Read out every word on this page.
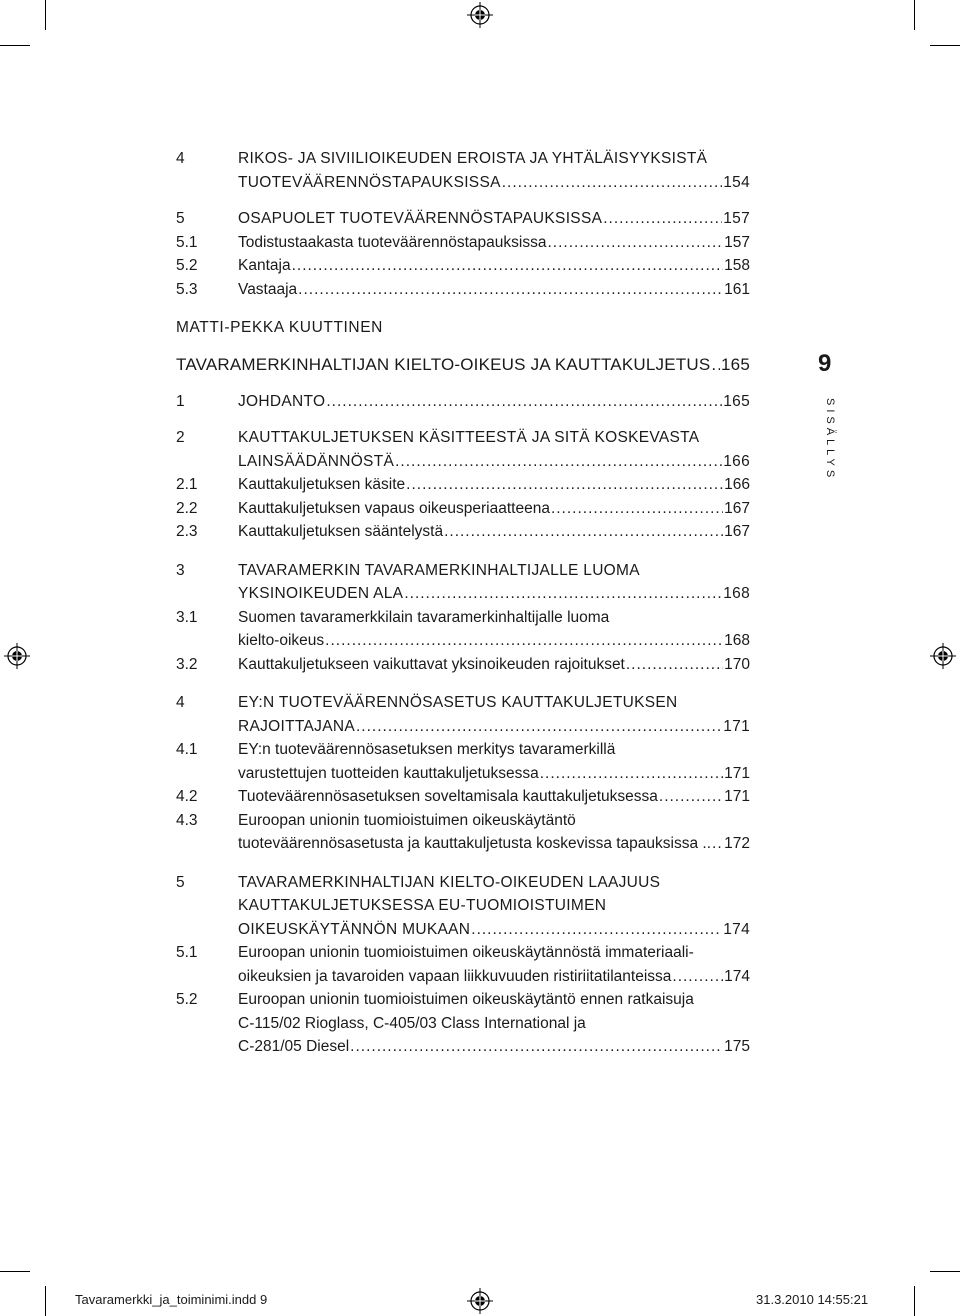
9
SISÄLLYS
4	RIKOS- JA SIVIILIOIKEUDEN EROISTA JA YHTÄLÄISYYKSISTÄ
TUOTEVÄÄRENNÖSTAPAUKSISSA .....	154
5	OSAPUOLET TUOTEVÄÄRENNÖSTAPAUKSISSA .....	157
5.1	Todistustaakasta tuoteväärennöstapauksissa .....	157
5.2	Kantaja .....	158
5.3	Vastaaja .....	161
MATTI-PEKKA KUUTTINEN
TAVARAMERKINHALTIJAN KIELTO-OIKEUS JA KAUTTAKULJETUS ..... 165
1	JOHDANTO .....	165
2	KAUTTAKULJETUKSEN KÄSITTEESTÄ JA SITÄ KOSKEVASTA
LAINSÄÄDÄNNÖSTÄ .....	166
2.1	Kauttakuljetuksen käsite .....	166
2.2	Kauttakuljetuksen vapaus oikeusperiaatteena .....	167
2.3	Kauttakuljetuksen sääntelystä .....	167
3	TAVARAMERKIN TAVARAMERKINHALTIJALLE LUOMA
YKSINOIKEUDEN ALA .....	168
3.1	Suomen tavaramerkkilain tavaramerkinhaltijalle luoma
kielto-oikeus .....	168
3.2	Kauttakuljetukseen vaikuttavat yksinoikeuden rajoitukset .....	170
4	EY:N TUOTEVÄÄRENNÖSASETUS KAUTTAKULJETUKSEN
RAJOITTAJANA .....	171
4.1	EY:n tuoteväärennösasetuksen merkitys tavaramerkillä
varustettujen tuotteiden kauttakuljetuksessa .....	171
4.2	Tuoteväärennösasetuksen soveltamisala kauttakuljetuksessa .....	171
4.3	Euroopan unionin tuomioistuimen oikeuskäytäntö
tuoteväärennösasetusta ja kauttakuljetusta koskevissa tapauksissa .. ..... 172
5	TAVARAMERKINHALTIJAN KIELTO-OIKEUDEN LAAJUUS
KAUTTAKULJETUKSESSA EU-TUOMIOISTUIMEN
OIKEUSKÄYTÄNNÖN MUKAAN .....	174
5.1	Euroopan unionin tuomioistuimen oikeuskäytännöstä immateriaali-
oikeuksien ja tavaroiden vapaan liikkuvuuden ristiriitatilanteissa .....	174
5.2	Euroopan unionin tuomioistuimen oikeuskäytäntö ennen ratkaisuja
C-115/02 Rioglass, C-405/03 Class International ja
C-281/05 Diesel .....	175
Tavaramerkki_ja_toiminimi.indd 9	31.3.2010 14:55:21
